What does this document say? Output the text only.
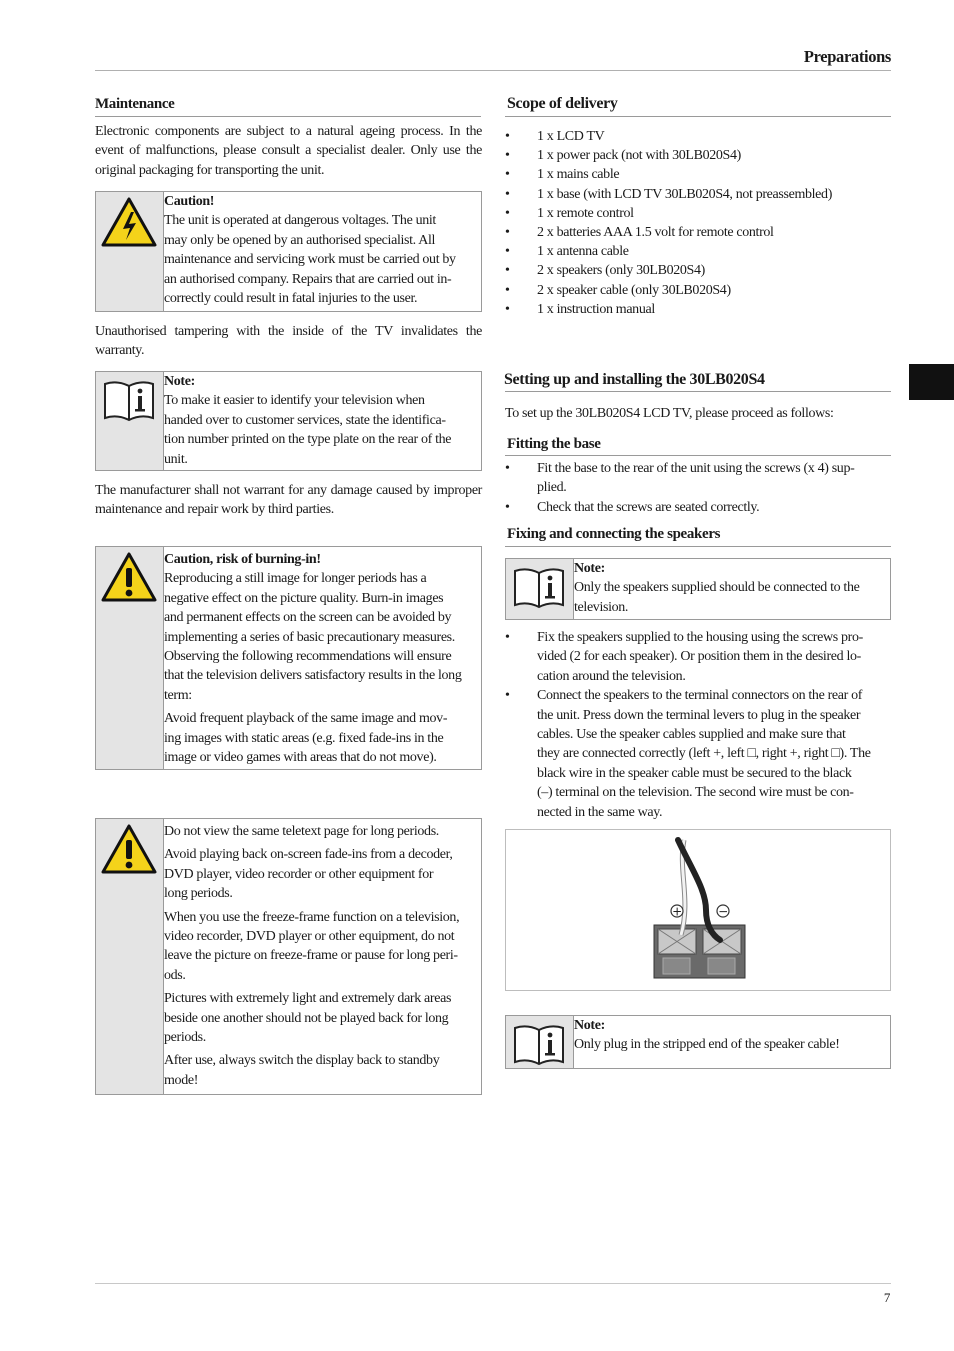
Preparations
7
Maintenance

Electronic components are subject to a natural ageing process. In the event of malfunctions, please consult a specialist dealer. Only use the original packaging for transporting the unit.

Caution!
The unit is operated at dangerous voltages. The unit
may only be opened by an authorised specialist. All
maintenance and servicing work must be carried out by
an authorised company. Repairs that are carried out in-
correctly could result in fatal injuries to the user.

Unauthorised tampering with the inside of the TV invalidates the warranty.

Note:
To make it easier to identify your television when
handed over to customer services, state the identifica-
tion number printed on the type plate on the rear of the
unit.

The manufacturer shall not warrant for any damage caused by improper maintenance and repair work by third parties.

Caution, risk of burning-in!
Reproducing a still image for longer periods has a
negative effect on the picture quality. Burn-in images
and permanent effects on the screen can be avoided by
implementing a series of basic precautionary measures.
Observing the following recommendations will ensure
that the television delivers satisfactory results in the long
term:
Avoid frequent playback of the same image and mov-
ing images with static areas (e.g. fixed fade-ins in the
image or video games with areas that do not move).
Do not view the same teletext page for long periods.
Avoid playing back on-screen fade-ins from a decoder,
DVD player, video recorder or other equipment for
long periods.
When you use the freeze-frame function on a television,
video recorder, DVD player or other equipment, do not
leave the picture on freeze-frame or pause for long peri-
ods.
Pictures with extremely light and extremely dark areas
beside one another should not be played back for long
periods.
After use, always switch the display back to standby
mode!
Scope of delivery
• 1 x LCD TV
• 1 x power pack (not with 30LB020S4)
• 1 x mains cable
• 1 x base (with LCD TV 30LB020S4, not preassembled)
• 1 x remote control
• 2 x batteries AAA 1.5 volt for remote control
• 1 x antenna cable
• 2 x speakers (only 30LB020S4)
• 2 x speaker cable (only 30LB020S4)
• 1 x instruction manual
Setting up and installing the 30LB020S4

To set up the 30LB020S4 LCD TV, please proceed as follows:

Fitting the base
• Fit the base to the rear of the unit using the screws (x 4) sup-
plied.
• Check that the screws are seated correctly.
Fixing and connecting the speakers
Note:
Only the speakers supplied should be connected to the
television.
• Fix the speakers supplied to the housing using the screws pro-
vided (2 for each speaker). Or position them in the desired lo-
cation around the television.
• Connect the speakers to the terminal connectors on the rear of
the unit. Press down the terminal levers to plug in the speaker
cables. Use the speaker cables supplied and make sure that
they are connected correctly (left +, left □, right +, right □). The
black wire in the speaker cable must be secured to the black
(–) terminal on the television. The second wire must be con-
nected in the same way.
+	−
Note:
Only plug in the stripped end of the speaker cable!
